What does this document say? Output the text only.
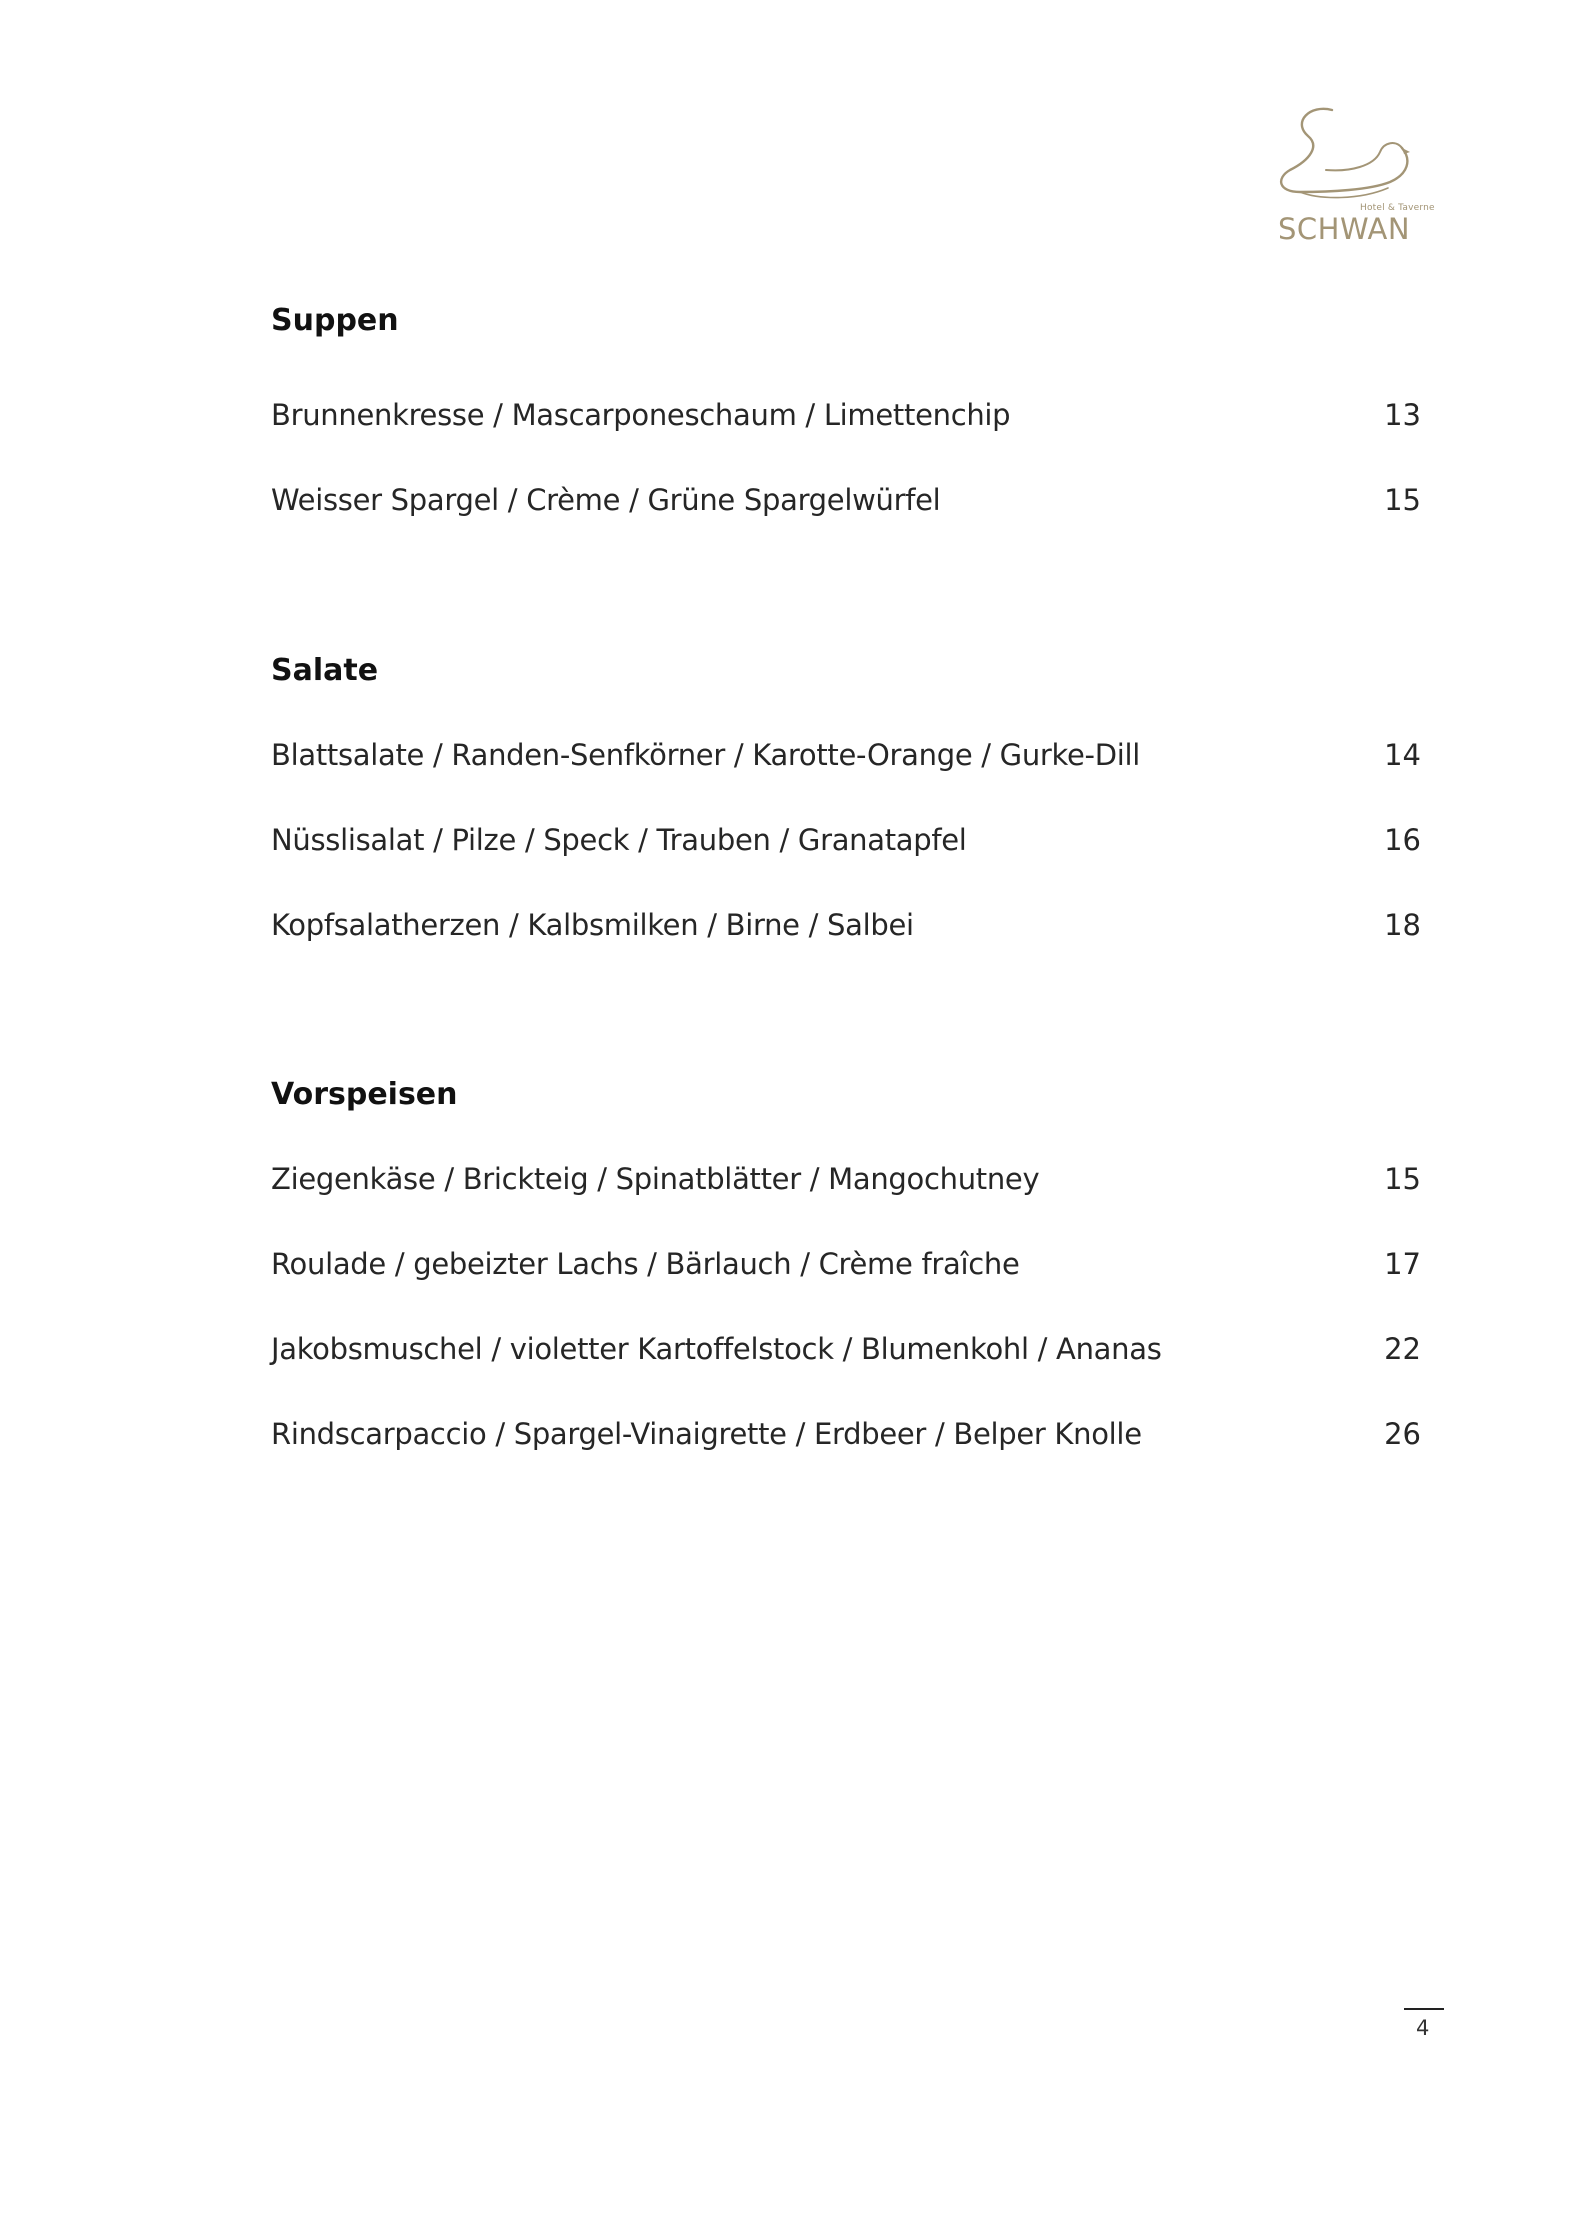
Hotel & Taverne
SCHWAN
Suppen
Brunnenkresse / Mascarponeschaum / Limettenchip	13
Weisser Spargel / Crème / Grüne Spargelwürfel	15
Salate
Blattsalate / Randen-Senfkörner / Karotte-Orange / Gurke-Dill	14
Nüsslisalat / Pilze / Speck / Trauben / Granatapfel	16
Kopfsalatherzen / Kalbsmilken / Birne / Salbei	18
Vorspeisen
Ziegenkäse / Brickteig / Spinatblätter / Mangochutney	15
Roulade / gebeizter Lachs / Bärlauch / Crème fraîche	17
Jakobsmuschel / violetter Kartoffelstock / Blumenkohl / Ananas	22
Rindscarpaccio / Spargel-Vinaigrette / Erdbeer / Belper Knolle	26
4
